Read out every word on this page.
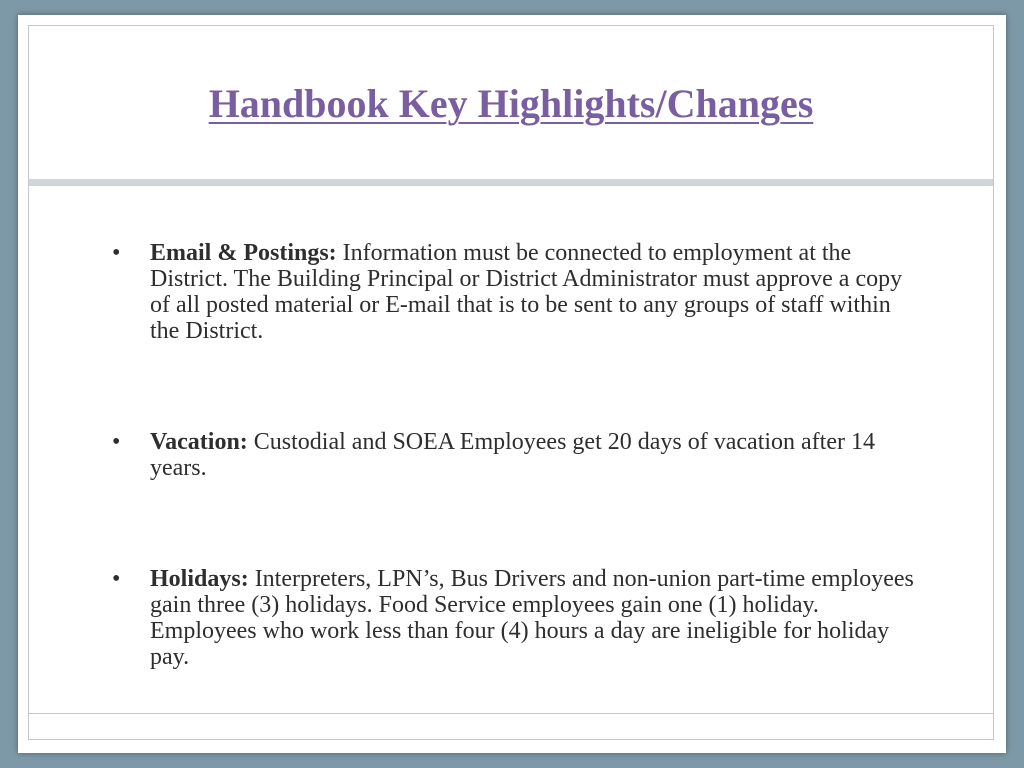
Handbook Key Highlights/Changes
• Email & Postings: Information must be connected to employment at the District. The Building Principal or District Administrator must approve a copy of all posted material or E-mail that is to be sent to any groups of staff within the District.
• Vacation: Custodial and SOEA Employees get 20 days of vacation after 14 years.
• Holidays: Interpreters, LPN’s, Bus Drivers and non-union part-time employees gain three (3) holidays. Food Service employees gain one (1) holiday. Employees who work less than four (4) hours a day are ineligible for holiday pay.
